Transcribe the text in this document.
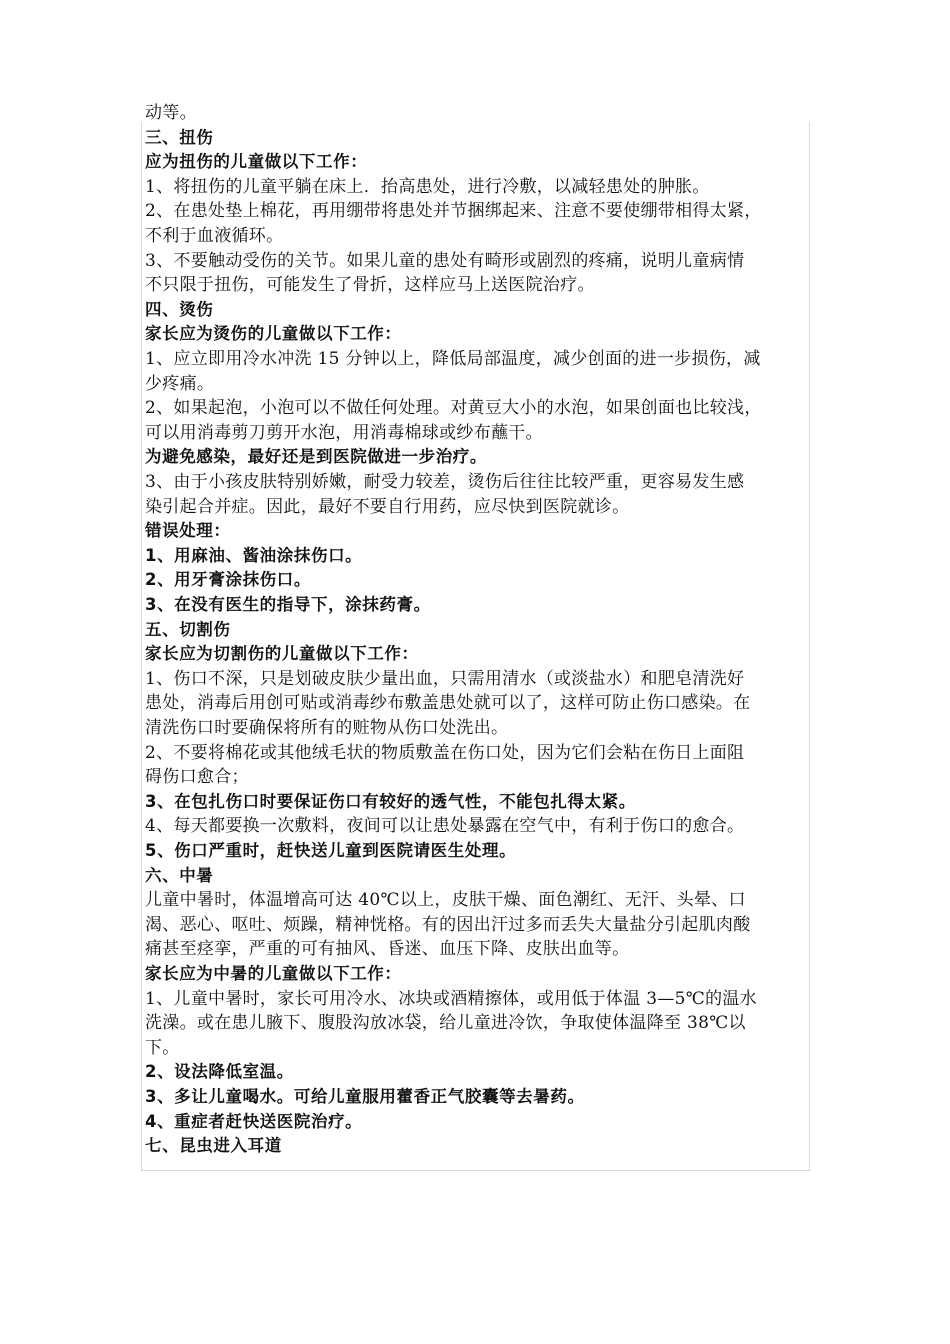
动等。
三、扭伤
应为扭伤的儿童做以下工作：
1、将扭伤的儿童平躺在床上．抬高患处，进行冷敷，以减轻患处的肿胀。
2、在患处垫上棉花，再用绷带将患处并节捆绑起来、注意不要使绷带相得太紧，
不利于血液循环。
3、不要触动受伤的关节。如果儿童的患处有畸形或剧烈的疼痛，说明儿童病情
不只限于扭伤，可能发生了骨折，这样应马上送医院治疗。
四、烫伤
家长应为烫伤的儿童做以下工作：
1、应立即用冷水冲洗 15 分钟以上，降低局部温度，减少创面的进一步损伤，减
少疼痛。
2、如果起泡，小泡可以不做任何处理。对黄豆大小的水泡，如果创面也比较浅，
可以用消毒剪刀剪开水泡，用消毒棉球或纱布蘸干。
为避免感染，最好还是到医院做进一步治疗。
3、由于小孩皮肤特别娇嫩，耐受力较差，烫伤后往往比较严重，更容易发生感
染引起合并症。因此，最好不要自行用药，应尽快到医院就诊。
错误处理：
1、用麻油、酱油涂抹伤口。
2、用牙膏涂抹伤口。
3、在没有医生的指导下，涂抹药膏。
五、切割伤
家长应为切割伤的儿童做以下工作：
1、伤口不深，只是划破皮肤少量出血，只需用清水（或淡盐水）和肥皂清洗好
患处，消毒后用创可贴或消毒纱布敷盖患处就可以了，这样可防止伤口感染。在
清洗伤口时要确保将所有的赃物从伤口处洗出。
2、不要将棉花或其他绒毛状的物质敷盖在伤口处，因为它们会粘在伤日上面阻
碍伤口愈合；
3、在包扎伤口时要保证伤口有较好的透气性，不能包扎得太紧。
4、每天都要换一次敷料，夜间可以让患处暴露在空气中，有利于伤口的愈合。
5、伤口严重时，赶快送儿童到医院请医生处理。
六、中暑
儿童中暑时，体温增高可达 40℃以上，皮肤干燥、面色潮红、无汗、头晕、口
渴、恶心、呕吐、烦躁，精神恍格。有的因出汗过多而丢失大量盐分引起肌肉酸
痛甚至痉挛，严重的可有抽风、昏迷、血压下降、皮肤出血等。
家长应为中暑的儿童做以下工作：
1、儿童中暑时，家长可用冷水、冰块或酒精擦体，或用低于体温 3—5℃的温水
洗澡。或在患儿腋下、腹股沟放冰袋，给儿童进冷饮，争取使体温降至 38℃以
下。
2、设法降低室温。
3、多让儿童喝水。可给儿童服用藿香正气胶囊等去暑药。
4、重症者赶快送医院治疗。
七、昆虫进入耳道
